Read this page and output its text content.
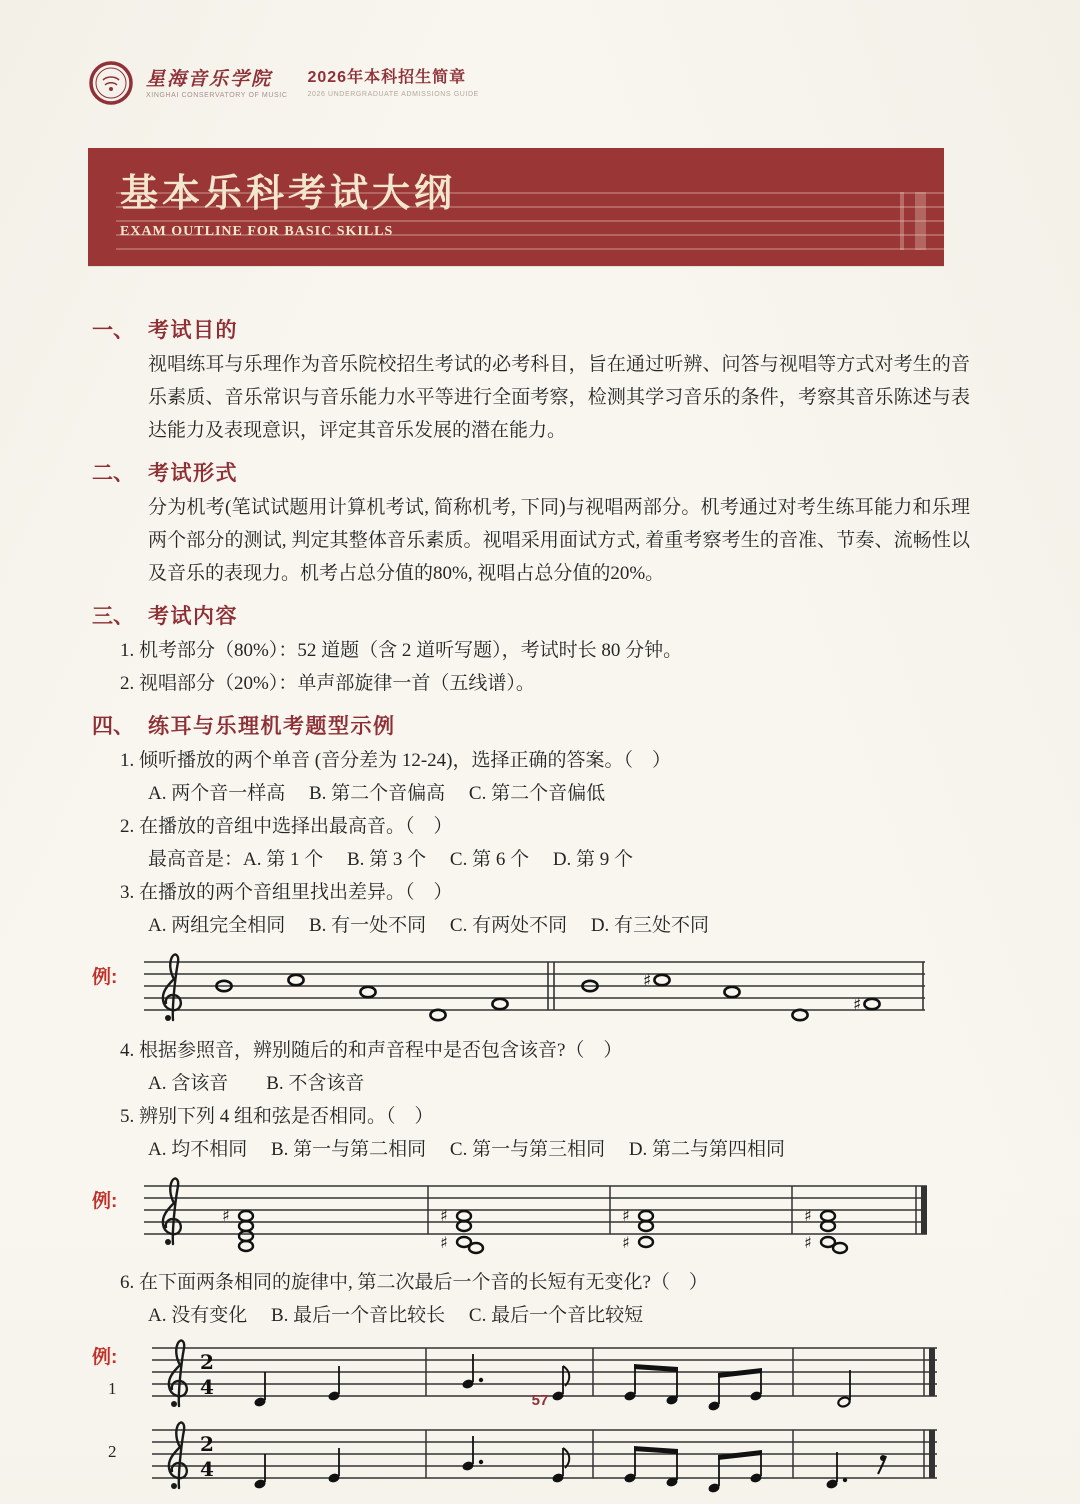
星海音乐学院
XINGHAI CONSERVATORY OF MUSIC
2026年本科招生简章
2026 UNDERGRADUATE ADMISSIONS GUIDE
基本乐科考试大纲
EXAM OUTLINE FOR BASIC SKILLS
一、 考试目的
视唱练耳与乐理作为音乐院校招生考试的必考科目，旨在通过听辨、问答与视唱等方式对考生的音乐素质、音乐常识与音乐能力水平等进行全面考察，检测其学习音乐的条件，考察其音乐陈述与表达能力及表现意识，评定其音乐发展的潜在能力。
二、 考试形式
分为机考(笔试试题用计算机考试, 简称机考, 下同)与视唱两部分。机考通过对考生练耳能力和乐理两个部分的测试, 判定其整体音乐素质。视唱采用面试方式, 着重考察考生的音准、节奏、流畅性以及音乐的表现力。机考占总分值的80%, 视唱占总分值的20%。
三、 考试内容
1. 机考部分（80%）：52 道题（含 2 道听写题），考试时长 80 分钟。
2. 视唱部分（20%）：单声部旋律一首（五线谱）。
四、 练耳与乐理机考题型示例
1. 倾听播放的两个单音 (音分差为 12-24)，选择正确的答案。（　）
A. 两个音一样高　 B. 第二个音偏高　 C. 第二个音偏低
2. 在播放的音组中选择出最高音。（　）
最高音是：A. 第 1 个　 B. 第 3 个　 C. 第 6 个　 D. 第 9 个
3. 在播放的两个音组里找出差异。（　）
A. 两组完全相同　 B. 有一处不同　 C. 有两处不同　 D. 有三处不同
例:	♯
♯
4. 根据参照音，辨别随后的和声音程中是否包含该音?（　）
A. 含该音　　B. 不含该音
5. 辨别下列 4 组和弦是否相同。（　）
A. 均不相同　 B. 第一与第二相同　 C. 第一与第三相同　 D. 第二与第四相同
例:
♯	♯
♯
♯
♯
♯
♯
6. 在下面两条相同的旋律中, 第二次最后一个音的长短有无变化?（　）
A. 没有变化　 B. 最后一个音比较长　 C. 最后一个音比较短
例:
1
2
4
2	2
4
57
